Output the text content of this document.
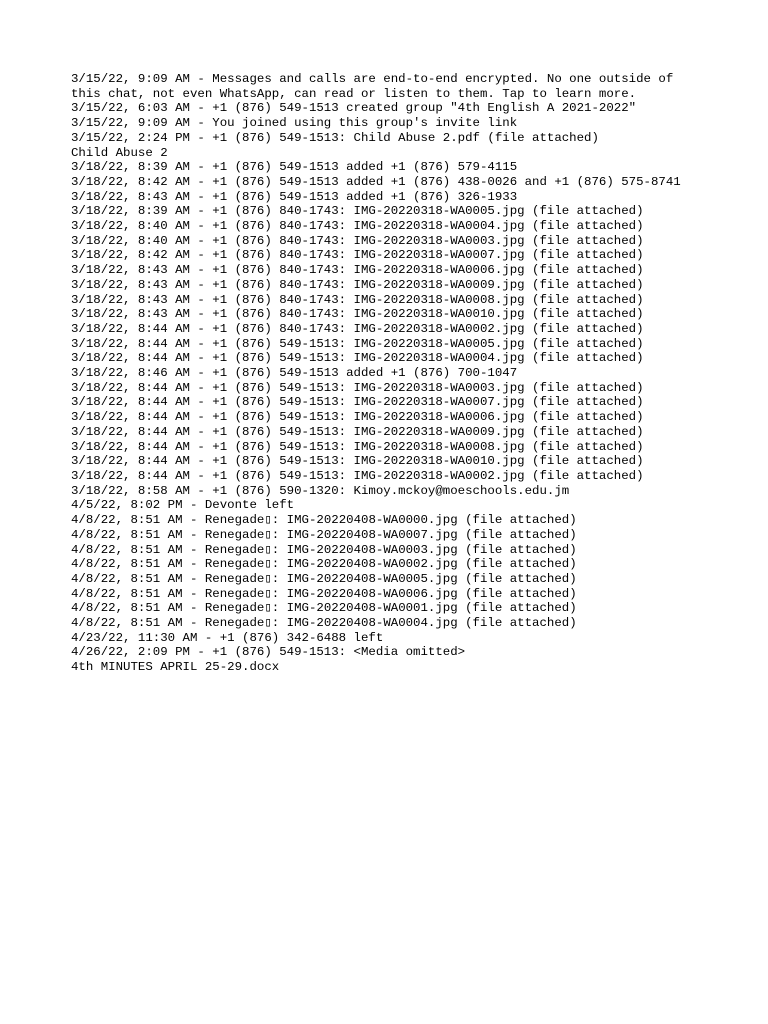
3/15/22, 9:09 AM - Messages and calls are end-to-end encrypted. No one outside of
this chat, not even WhatsApp, can read or listen to them. Tap to learn more.
3/15/22, 6:03 AM - +1 (876) 549-1513 created group "4th English A 2021-2022"
3/15/22, 9:09 AM - You joined using this group's invite link
3/15/22, 2:24 PM - +1 (876) 549-1513: Child Abuse 2.pdf (file attached)
Child Abuse 2
3/18/22, 8:39 AM - +1 (876) 549-1513 added +1 (876) 579-4115
3/18/22, 8:42 AM - +1 (876) 549-1513 added +1 (876) 438-0026 and +1 (876) 575-8741
3/18/22, 8:43 AM - +1 (876) 549-1513 added +1 (876) 326-1933
3/18/22, 8:39 AM - +1 (876) 840-1743: IMG-20220318-WA0005.jpg (file attached)
3/18/22, 8:40 AM - +1 (876) 840-1743: IMG-20220318-WA0004.jpg (file attached)
3/18/22, 8:40 AM - +1 (876) 840-1743: IMG-20220318-WA0003.jpg (file attached)
3/18/22, 8:42 AM - +1 (876) 840-1743: IMG-20220318-WA0007.jpg (file attached)
3/18/22, 8:43 AM - +1 (876) 840-1743: IMG-20220318-WA0006.jpg (file attached)
3/18/22, 8:43 AM - +1 (876) 840-1743: IMG-20220318-WA0009.jpg (file attached)
3/18/22, 8:43 AM - +1 (876) 840-1743: IMG-20220318-WA0008.jpg (file attached)
3/18/22, 8:43 AM - +1 (876) 840-1743: IMG-20220318-WA0010.jpg (file attached)
3/18/22, 8:44 AM - +1 (876) 840-1743: IMG-20220318-WA0002.jpg (file attached)
3/18/22, 8:44 AM - +1 (876) 549-1513: IMG-20220318-WA0005.jpg (file attached)
3/18/22, 8:44 AM - +1 (876) 549-1513: IMG-20220318-WA0004.jpg (file attached)
3/18/22, 8:46 AM - +1 (876) 549-1513 added +1 (876) 700-1047
3/18/22, 8:44 AM - +1 (876) 549-1513: IMG-20220318-WA0003.jpg (file attached)
3/18/22, 8:44 AM - +1 (876) 549-1513: IMG-20220318-WA0007.jpg (file attached)
3/18/22, 8:44 AM - +1 (876) 549-1513: IMG-20220318-WA0006.jpg (file attached)
3/18/22, 8:44 AM - +1 (876) 549-1513: IMG-20220318-WA0009.jpg (file attached)
3/18/22, 8:44 AM - +1 (876) 549-1513: IMG-20220318-WA0008.jpg (file attached)
3/18/22, 8:44 AM - +1 (876) 549-1513: IMG-20220318-WA0010.jpg (file attached)
3/18/22, 8:44 AM - +1 (876) 549-1513: IMG-20220318-WA0002.jpg (file attached)
3/18/22, 8:58 AM - +1 (876) 590-1320: Kimoy.mckoy@moeschools.edu.jm
4/5/22, 8:02 PM - Devonte left
4/8/22, 8:51 AM - Renegade▯: IMG-20220408-WA0000.jpg (file attached)
4/8/22, 8:51 AM - Renegade▯: IMG-20220408-WA0007.jpg (file attached)
4/8/22, 8:51 AM - Renegade▯: IMG-20220408-WA0003.jpg (file attached)
4/8/22, 8:51 AM - Renegade▯: IMG-20220408-WA0002.jpg (file attached)
4/8/22, 8:51 AM - Renegade▯: IMG-20220408-WA0005.jpg (file attached)
4/8/22, 8:51 AM - Renegade▯: IMG-20220408-WA0006.jpg (file attached)
4/8/22, 8:51 AM - Renegade▯: IMG-20220408-WA0001.jpg (file attached)
4/8/22, 8:51 AM - Renegade▯: IMG-20220408-WA0004.jpg (file attached)
4/23/22, 11:30 AM - +1 (876) 342-6488 left
4/26/22, 2:09 PM - +1 (876) 549-1513: <Media omitted>
4th MINUTES APRIL 25-29.docx
